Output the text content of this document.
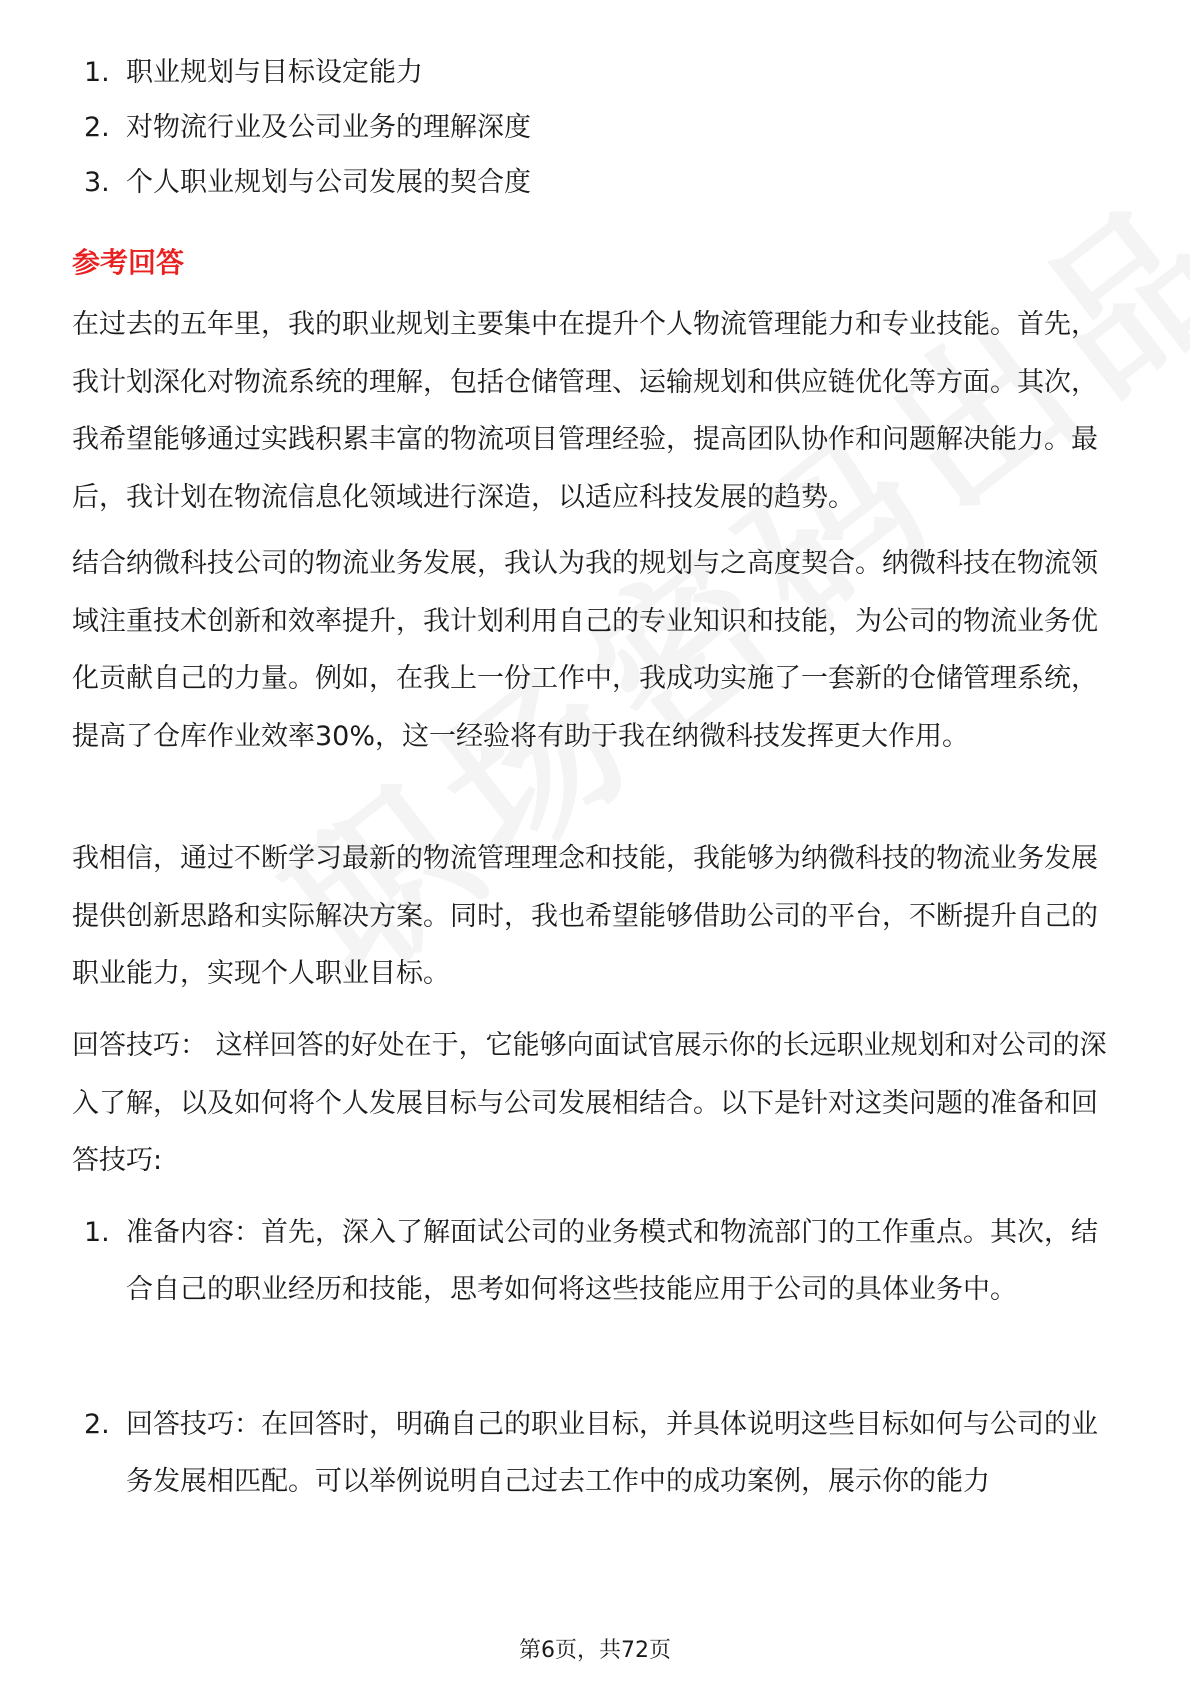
1. 职业规划与目标设定能力
2. 对物流行业及公司业务的理解深度
3. 个人职业规划与公司发展的契合度
参考回答

在过去的五年里，我的职业规划主要集中在提升个人物流管理能力和专业技能。首先，我计划深化对物流系统的理解，包括仓储管理、运输规划和供应链优化等方面。其次，我希望能够通过实践积累丰富的物流项目管理经验，提高团队协作和问题解决能力。最后，我计划在物流信息化领域进行深造，以适应科技发展的趋势。

结合纳微科技公司的物流业务发展，我认为我的规划与之高度契合。纳微科技在物流领域注重技术创新和效率提升，我计划利用自己的专业知识和技能，为公司的物流业务优化贡献自己的力量。例如，在我上一份工作中，我成功实施了一套新的仓储管理系统，提高了仓库作业效率30%，这一经验将有助于我在纳微科技发挥更大作用。

我相信，通过不断学习最新的物流管理理念和技能，我能够为纳微科技的物流业务发展提供创新思路和实际解决方案。同时，我也希望能够借助公司的平台，不断提升自己的职业能力，实现个人职业目标。

回答技巧： 这样回答的好处在于，它能够向面试官展示你的长远职业规划和对公司的深入了解，以及如何将个人发展目标与公司发展相结合。以下是针对这类问题的准备和回答技巧:

1. 准备内容：首先，深入了解面试公司的业务模式和物流部门的工作重点。其次，结合自己的职业经历和技能，思考如何将这些技能应用于公司的具体业务中。
2. 回答技巧：在回答时，明确自己的职业目标，并具体说明这些目标如何与公司的业务发展相匹配。可以举例说明自己过去工作中的成功案例，展示你的能力
第6页，共72页
